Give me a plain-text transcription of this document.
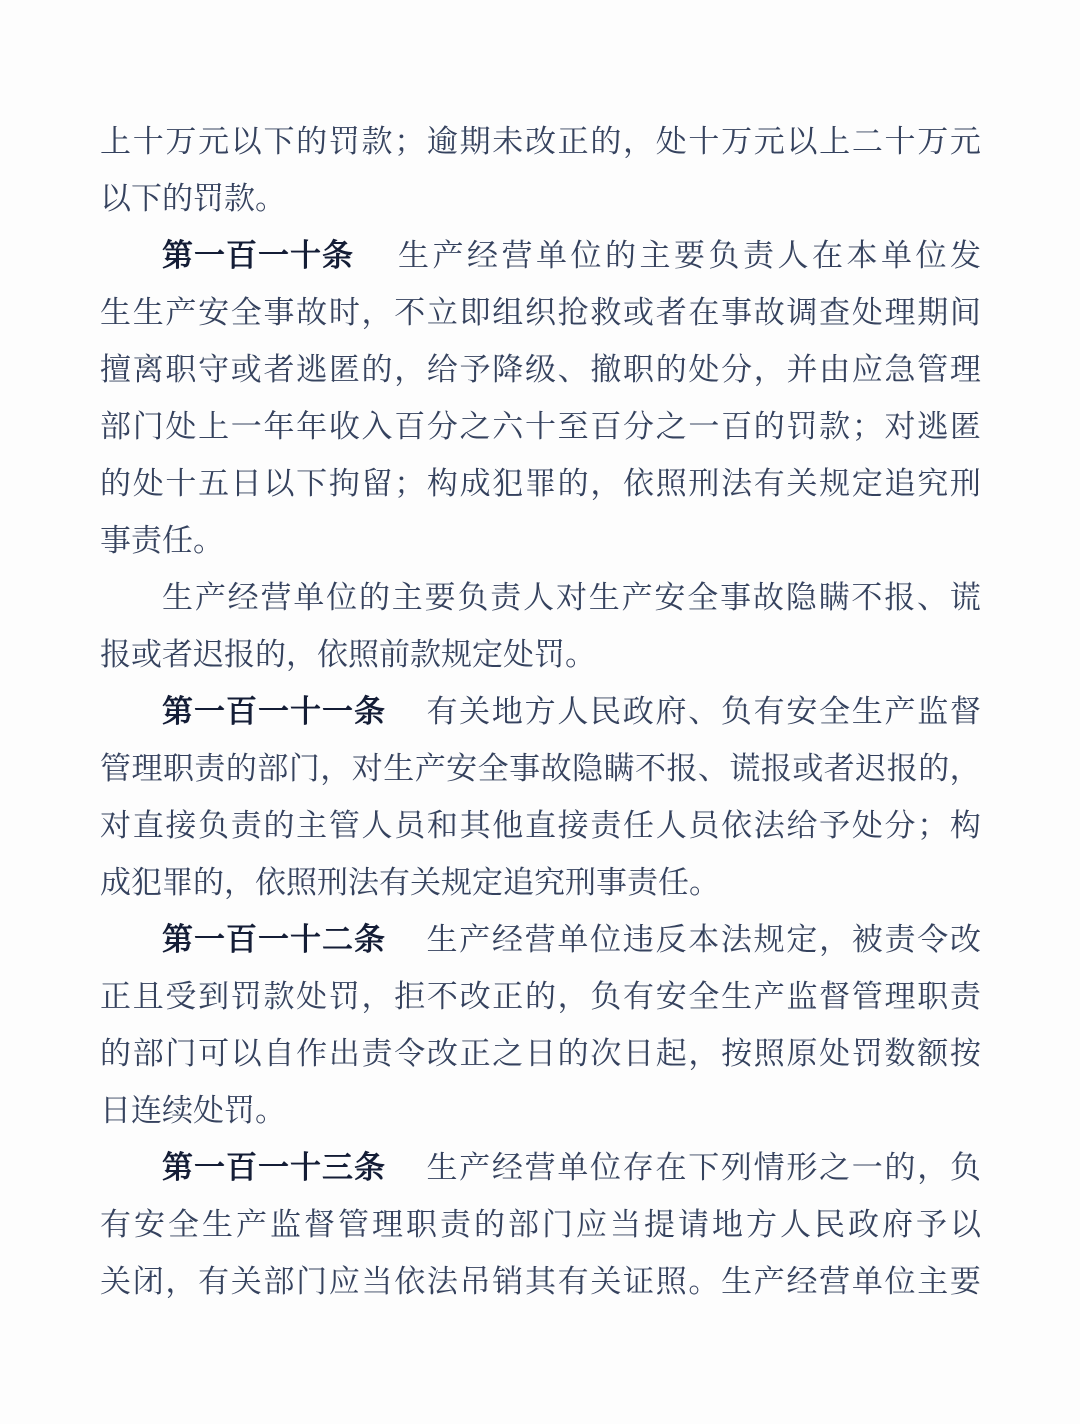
上 十 万 元 以 下 的 罚 款 ； 逾 期 未 改 正 的 ， 处 十 万 元 以 上 二 十 万 元
以 下 的 罚 款 。
第一百一十条 生 产 经 营 单 位 的 主 要 负 责 人 在 本 单 位 发
生 生 产 安 全 事 故 时 ， 不 立 即 组 织 抢 救 或 者 在 事 故 调 查 处 理 期 间
擅 离 职 守 或 者 逃 匿 的 ， 给 予 降 级 、 撤 职 的 处 分 ， 并 由 应 急 管 理
部 门 处 上 一 年 年 收 入 百 分 之 六 十 至 百 分 之 一 百 的 罚 款 ； 对 逃 匿
的 处 十 五 日 以 下 拘 留 ； 构 成 犯 罪 的 ， 依 照 刑 法 有 关 规 定 追 究 刑
事 责 任 。
生 产 经 营 单 位 的 主 要 负 责 人 对 生 产 安 全 事 故 隐 瞒 不 报 、 谎
报 或 者 迟 报 的 ， 依 照 前 款 规 定 处 罚 。
第一百一十一条 有 关 地 方 人 民 政 府 、 负 有 安 全 生 产 监 督
管 理 职 责 的 部 门 ， 对 生 产 安 全 事 故 隐 瞒 不 报 、 谎 报 或 者 迟 报 的 ，
对 直 接 负 责 的 主 管 人 员 和 其 他 直 接 责 任 人 员 依 法 给 予 处 分 ； 构
成 犯 罪 的 ， 依 照 刑 法 有 关 规 定 追 究 刑 事 责 任 。
第一百一十二条 生 产 经 营 单 位 违 反 本 法 规 定 ， 被 责 令 改
正 且 受 到 罚 款 处 罚 ， 拒 不 改 正 的 ， 负 有 安 全 生 产 监 督 管 理 职 责
的 部 门 可 以 自 作 出 责 令 改 正 之 日 的 次 日 起 ， 按 照 原 处 罚 数 额 按
日 连 续 处 罚 。
第一百一十三条 生 产 经 营 单 位 存 在 下 列 情 形 之 一 的 ， 负
有 安 全 生 产 监 督 管 理 职 责 的 部 门 应 当 提 请 地 方 人 民 政 府 予 以
关 闭 ， 有 关 部 门 应 当 依 法 吊 销 其 有 关 证 照 。 生 产 经 营 单 位 主 要
